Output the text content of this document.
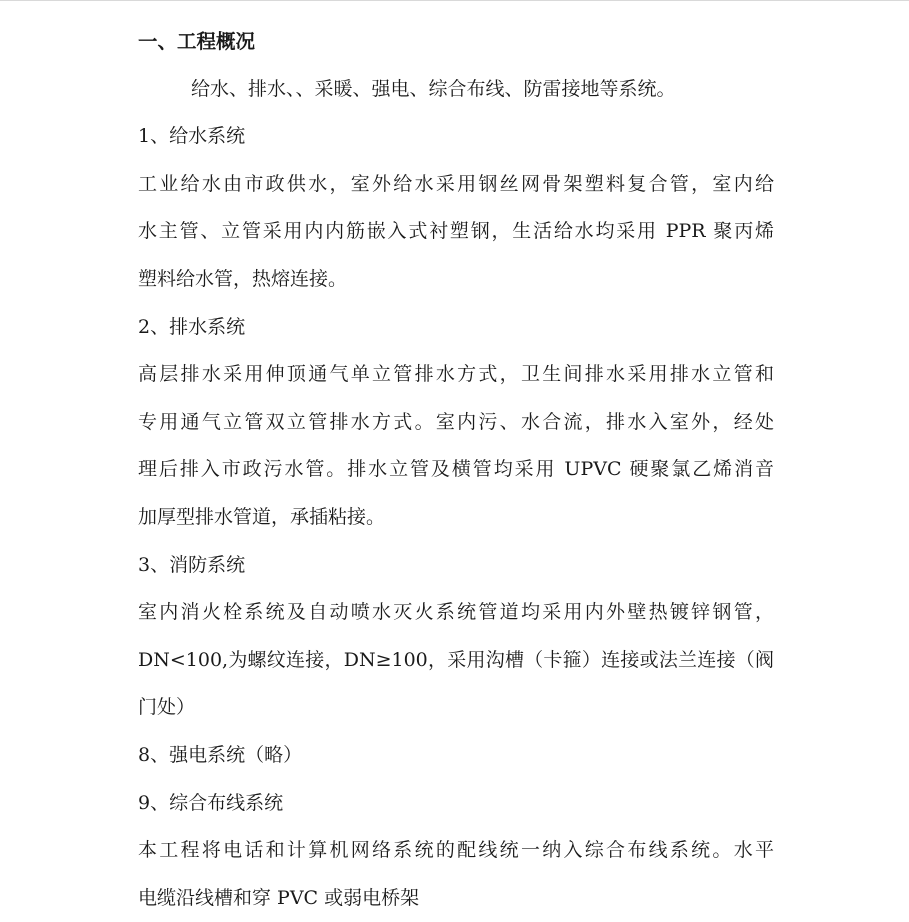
一、工程概况
给水、排水、、采暖、强电、综合布线、防雷接地等系统。
1、给水系统
工业给水由市政供水，室外给水采用钢丝网骨架塑料复合管，室内给
水主管、立管采用内内筋嵌入式衬塑钢，生活给水均采用 PPR 聚丙烯
塑料给水管，热熔连接。
2、排水系统
高层排水采用伸顶通气单立管排水方式，卫生间排水采用排水立管和
专用通气立管双立管排水方式。室内污、水合流，排水入室外，经处
理后排入市政污水管。排水立管及横管均采用 UPVC 硬聚氯乙烯消音
加厚型排水管道，承插粘接。
3、消防系统
室内消火栓系统及自动喷水灭火系统管道均采用内外壁热镀锌钢管，
DN<100,为螺纹连接，DN≥100，采用沟槽（卡箍）连接或法兰连接（阀
门处）
8、强电系统（略）
9、综合布线系统
本工程将电话和计算机网络系统的配线统一纳入综合布线系统。水平
电缆沿线槽和穿 PVC 或弱电桥架
